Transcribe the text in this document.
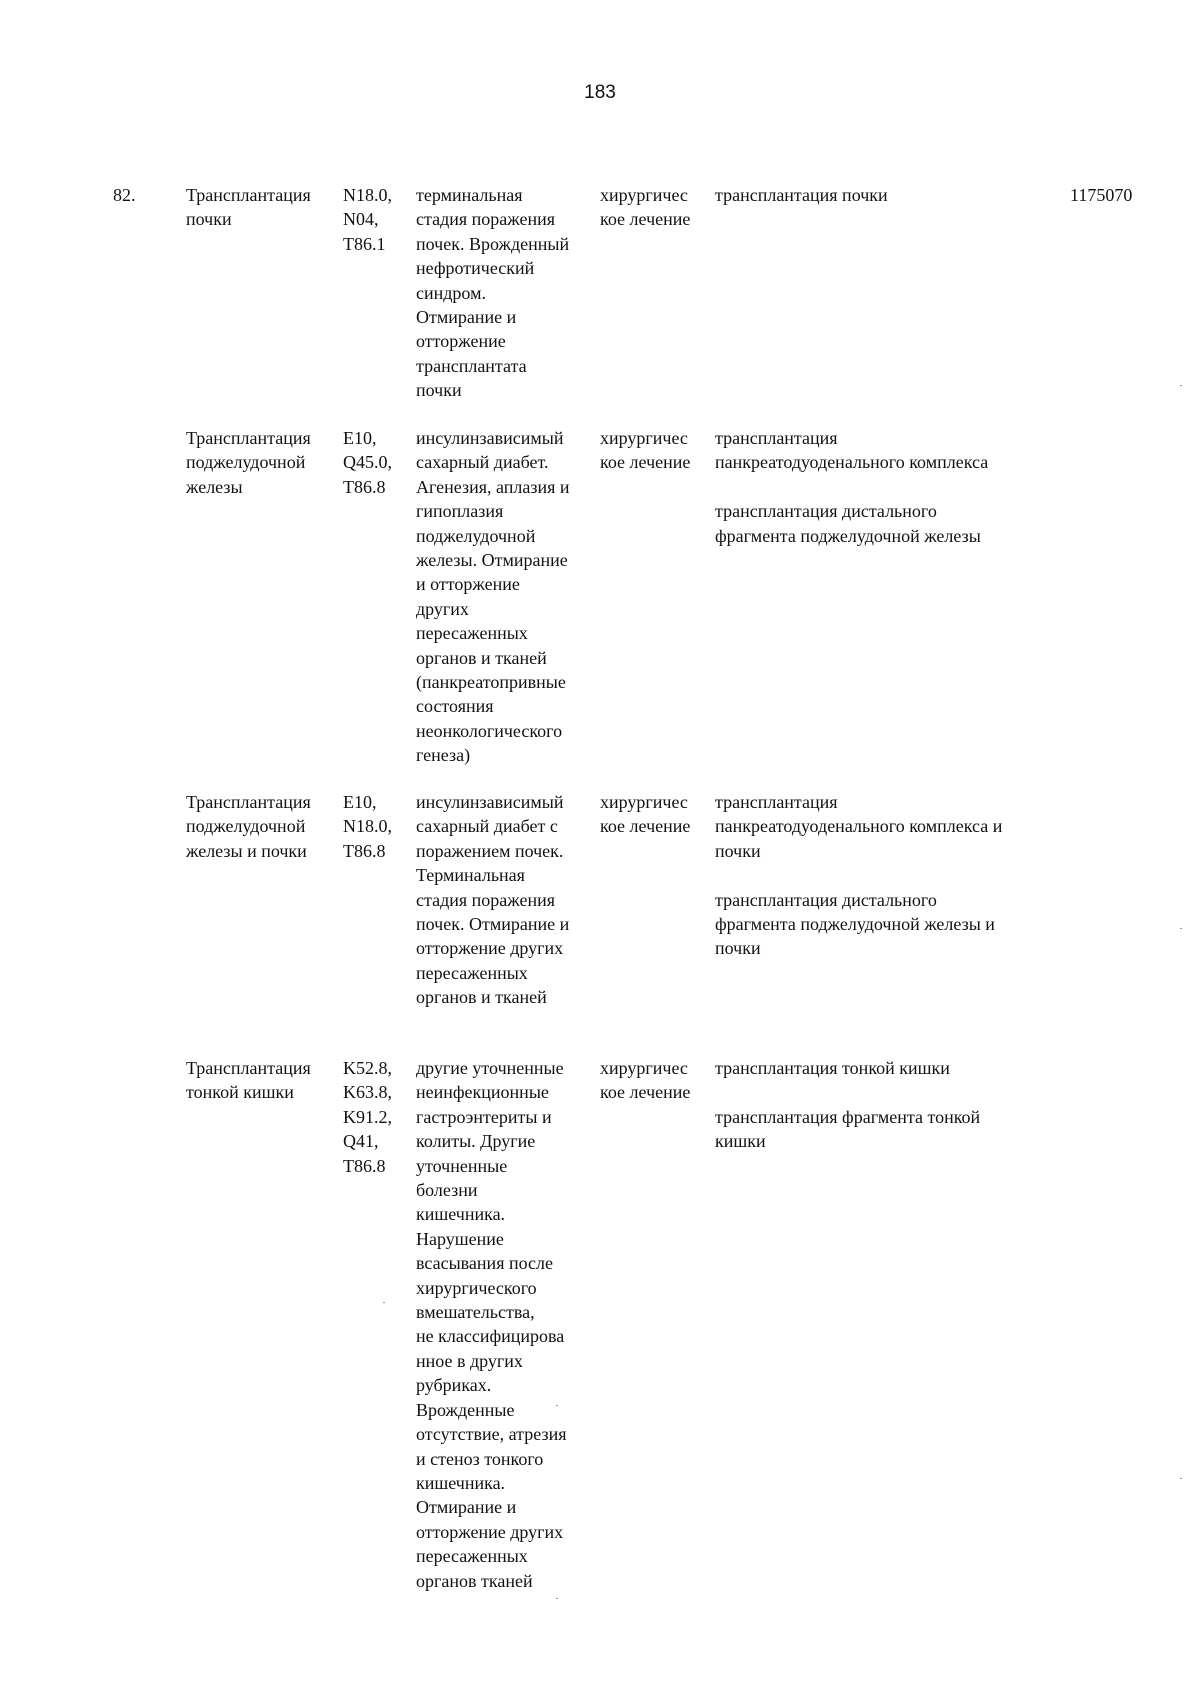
183
82.	Трансплантация
почки
N18.0,
N04,
T86.1
терминальная
стадия поражения
почек. Врожденный
нефротический
синдром.
Отмирание и
отторжение
трансплантата
почки
хирургичес
кое лечение
трансплантация почки	1175070
Трансплантация
поджелудочной
железы
E10,
Q45.0,
T86.8
инсулинзависимый
сахарный диабет.
Агенезия, аплазия и
гипоплазия
поджелудочной
железы. Отмирание
и отторжение
других
пересаженных
органов и тканей
(панкреатопривные
состояния
неонкологического
генеза)
хирургичес
кое лечение
трансплантация
панкреатодуоденального комплекса
трансплантация дистального
фрагмента поджелудочной железы
Трансплантация
поджелудочной
железы и почки
E10,
N18.0,
T86.8
инсулинзависимый
сахарный диабет с
поражением почек.
Терминальная
стадия поражения
почек. Отмирание и
отторжение других
пересаженных
органов и тканей
хирургичес
кое лечение
трансплантация
панкреатодуоденального комплекса и
почки
трансплантация дистального
фрагмента поджелудочной железы и
почки
Трансплантация
тонкой кишки
K52.8,
K63.8,
K91.2,
Q41,
T86.8
другие уточненные
неинфекционные
гастроэнтериты и
колиты. Другие
уточненные
болезни
кишечника.
Нарушение
всасывания после
хирургического
вмешательства,
не классифицирова
нное в других
рубриках.
Врожденные
отсутствие, атрезия
и стеноз тонкого
кишечника.
Отмирание и
отторжение других
пересаженных
органов тканей
хирургичес
кое лечение
трансплантация тонкой кишки
трансплантация фрагмента тонкой
кишки
